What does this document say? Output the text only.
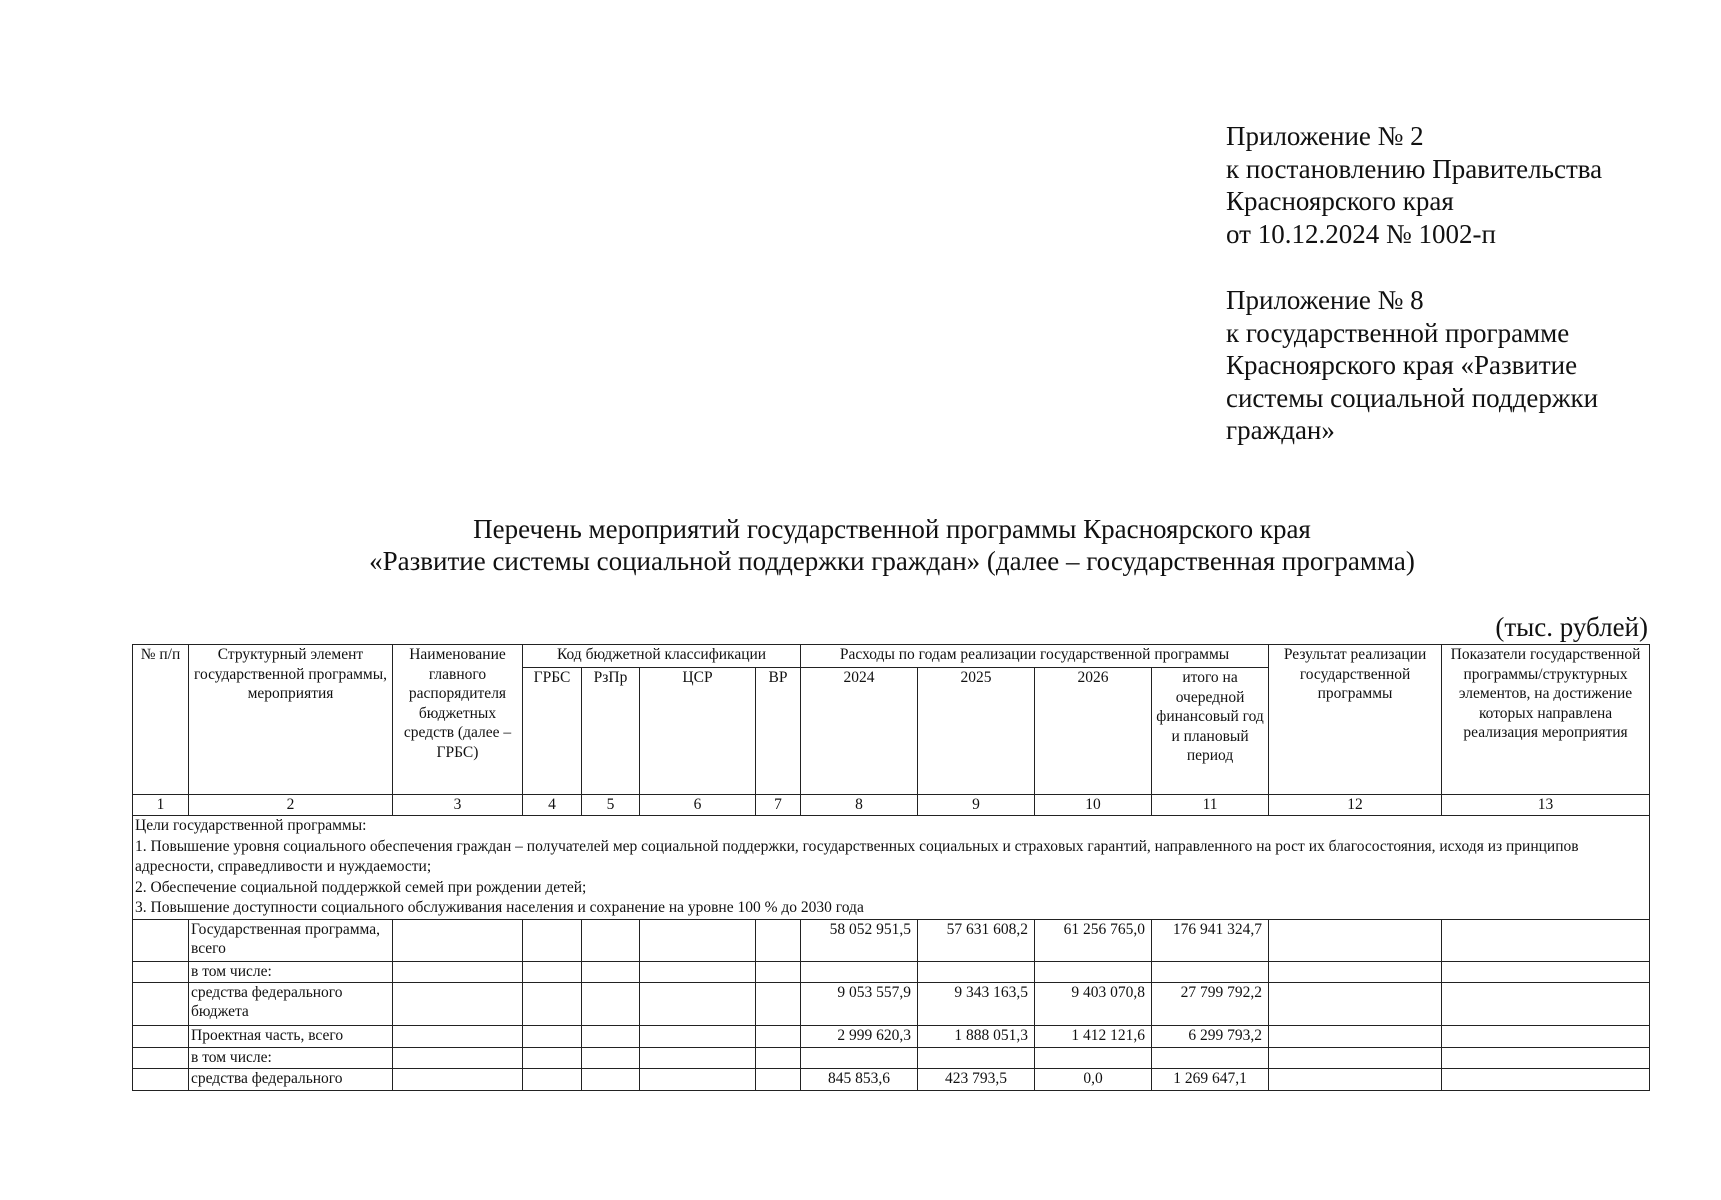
Приложение № 2
к постановлению Правительства
Красноярского края
от 10.12.2024 № 1002-п
Приложение № 8
к государственной программе
Красноярского края «Развитие
системы социальной поддержки
граждан»
Перечень мероприятий государственной программы Красноярского края
«Развитие системы социальной поддержки граждан» (далее – государственная программа)
(тыс. рублей)
№ п/п	Структурный элемент государственной программы, мероприятия	Наименование главного распорядителя бюджетных средств (далее – ГРБС)	Код бюджетной классификации				Расходы по годам реализации государственной программы				Результат реализации государственной программы	Показатели государственной программы/структурных элементов, на достижение которых направлена реализация мероприятия
			ГРБС	РзПр	ЦСР	ВР	2024	2025	2026	итого на очередной финансовый год и плановый период		
1	2	3	4	5	6	7	8	9	10	11	12	13

Цели государственной программы:
1. Повышение уровня социального обеспечения граждан – получателей мер социальной поддержки, государственных социальных и страховых гарантий, направленного на рост их благосостояния, исходя из принципов адресности, справедливости и нуждаемости;
2. Обеспечение социальной поддержкой семей при рождении детей;
3. Повышение доступности социального обслуживания населения и сохранение на уровне 100 % до 2030 года												

	Государственная программа, всего						58 052 951,5	57 631 608,2	61 256 765,0	176 941 324,7		
	в том числе:											
	средства федерального бюджета						9 053 557,9	9 343 163,5	9 403 070,8	27 799 792,2		
	Проектная часть, всего						2 999 620,3	1 888 051,3	1 412 121,6	6 299 793,2		
	в том числе:											
	средства федерального						845 853,6	423 793,5	0,0	1 269 647,1		
